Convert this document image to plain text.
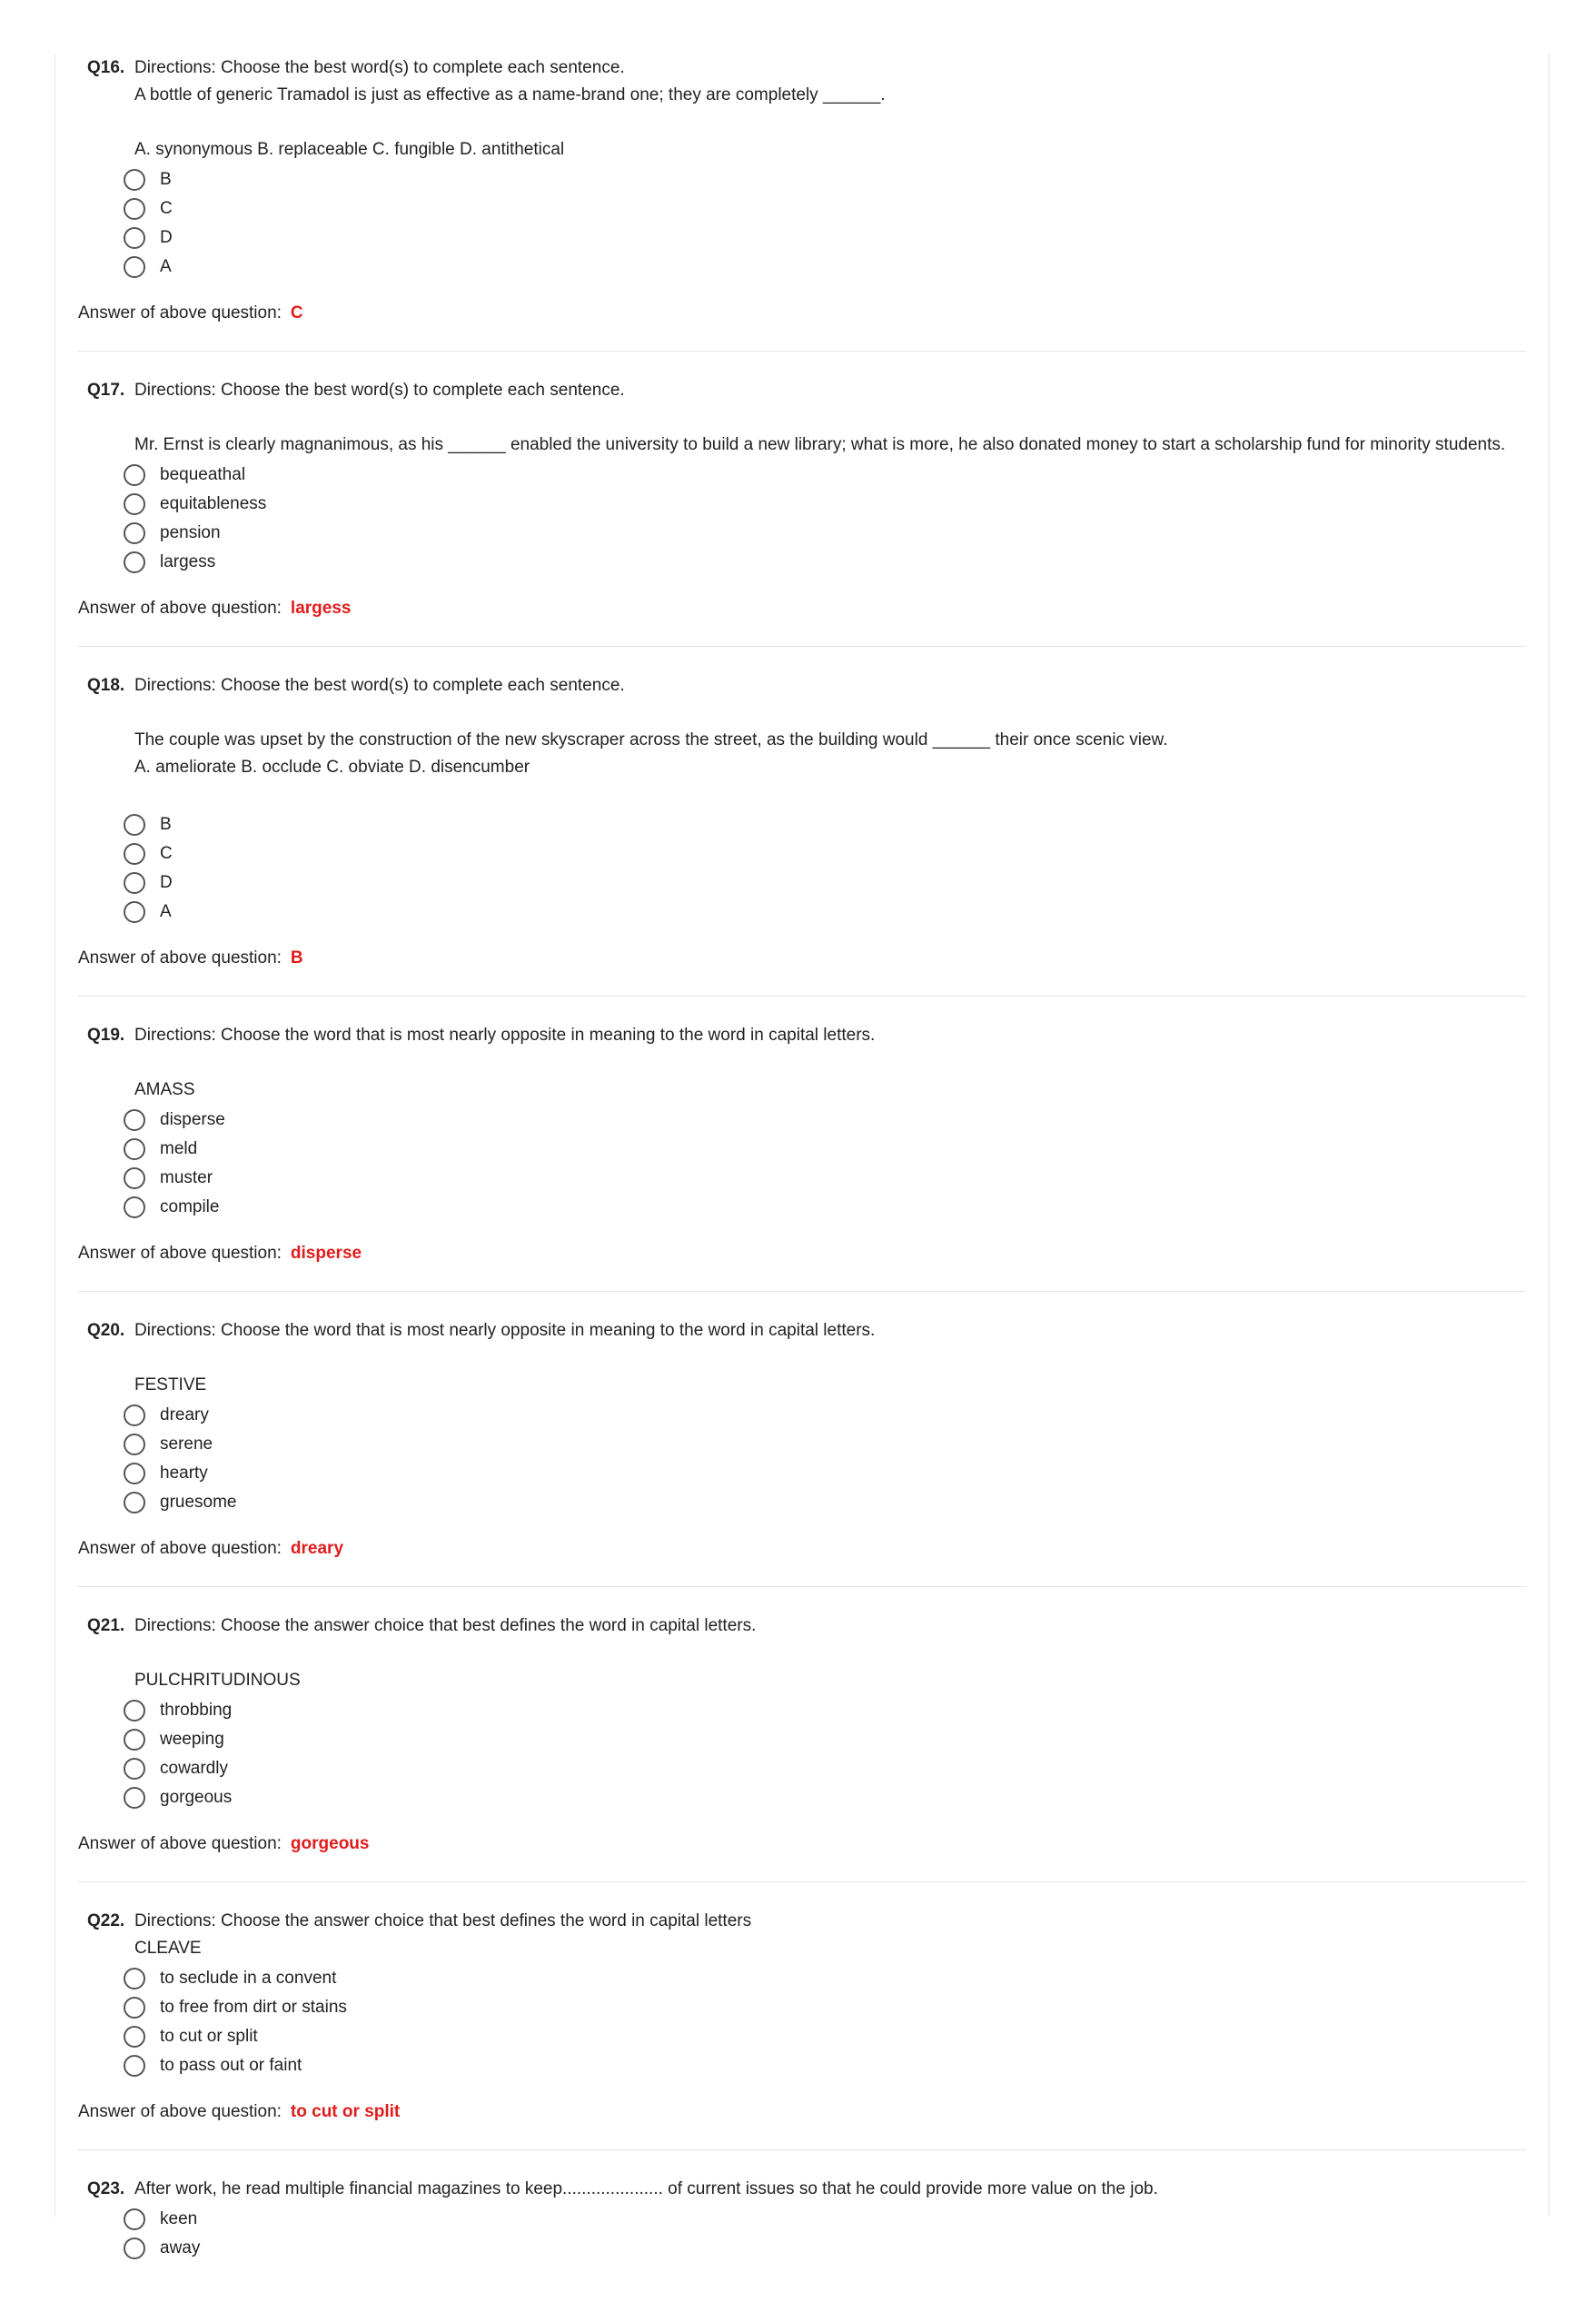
Q16. Directions: Choose the best word(s) to complete each sentence.

A bottle of generic Tramadol is just as effective as a name-brand one; they are completely ______.

A. synonymous B. replaceable C. fungible D. antithetical

B
C
D
A
Answer of above question: C
Q17. Directions: Choose the best word(s) to complete each sentence.

Mr. Ernst is clearly magnanimous, as his ______ enabled the university to build a new library; what is more, he also donated money to start a scholarship fund for minority students.

bequeathal
equitableness
pension
largess
Answer of above question: largess
Q18. Directions: Choose the best word(s) to complete each sentence.

The couple was upset by the construction of the new skyscraper across the street, as the building would ______ their once scenic view.

A. ameliorate B. occlude C. obviate D. disencumber

B
C
D
A
Answer of above question: B
Q19. Directions: Choose the word that is most nearly opposite in meaning to the word in capital letters.

AMASS

disperse
meld
muster
compile
Answer of above question: disperse
Q20. Directions: Choose the word that is most nearly opposite in meaning to the word in capital letters.

FESTIVE

dreary
serene
hearty
gruesome
Answer of above question: dreary
Q21. Directions: Choose the answer choice that best defines the word in capital letters.

PULCHRITUDINOUS

throbbing
weeping
cowardly
gorgeous
Answer of above question: gorgeous
Q22. Directions: Choose the answer choice that best defines the word in capital letters

CLEAVE

to seclude in a convent
to free from dirt or stains
to cut or split
to pass out or faint
Answer of above question: to cut or split
Q23. After work, he read multiple financial magazines to keep..................... of current issues so that he could provide more value on the job.
keen
away
